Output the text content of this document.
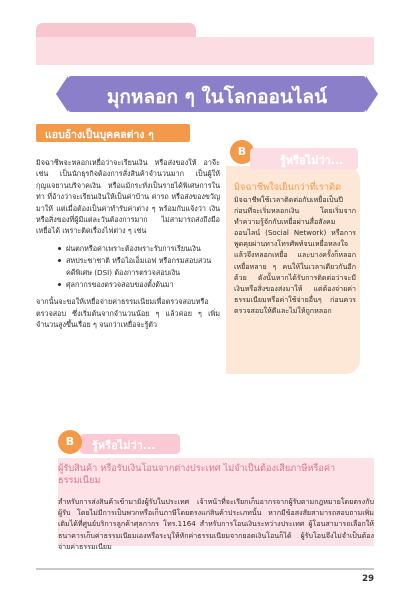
มุกหลอก ๆ ในโลกออนไลน์
แอบอ้างเป็นบุคคลต่าง ๆ

มิจฉาชีพจะหลอกเหยื่อว่าจะเรียนเงิน หรือส่งของให้ อาจีะ เช่น เป็นนักธุรกิจต้องการสั่งสินค้าจำนวนมาก เป็นผู้ให้กุญแจยานบริจาคเงิน หรือแม้กระทั่งเป็นรายได้พิเศษการในท่า ที่อ้างว่าจะเรียนเงินให้เป็นค่าบ้าน ค่ารถ หรือส่งของขวัญมาให้ แต่เมื่อต้องเป็นค่าทำรับค่าต่าง ๆ พร้อมกับแจ้งว่า เงินหรือสิ่งของที่ผู้มีแต่ละวันต้องการมาก ไม่สามารถส่งถึงมือเหยื่อได้ เพราะติดเรื่องไฟต่าง ๆ เช่น

ฝนตกหรือค่าเพราะต้องพราะรับการเรียนเงิน
สหประชาชาติ หรือไอเอ็มเอฟ หรือกรมสอบสวนคดีพิเศษ (DSI) ต้องการตรวจสอบเงิน
ศุลกากรของตรวจสอบของตั้งต้นมา

จากนั้นจะขอให้เหยื่อจ่ายค่าธรรมเนียมเพื่อตรวจสอบหรือตรวจสอบ ซึ่งเริ่มต้นจากจำนวนน้อย ๆ แล้วค่อย ๆ เพิ่มจำนวนสูงขึ้นเรื่อย ๆ จนกว่าเหยื่อจะรู้ตัว

B
รู้หรือไม่ว่า...
มิจฉาชีพใจเย็นกว่าที่เราคิด
มิจฉาชีพใช้เวลาติดต่อกับเหยื่อเป็นปี ก่อนที่จะเริ่มหลอกเงิน โดยเริ่มจากทำความรู้จักกับเหยื่อผ่านสื่อสังคมออนไลน์ (Social Network) หรือการพูดคุยผ่านทางโทรศัพท์จนเหยื่อหลงใจ แล้วจึงหลอกเหยื่อ และบางครั้งก็หลอกเหยื่อหลาย ๆ คนให้ในเวลาเดียวกันอีกด้วย ดังนั้นหากได้รับการติดต่อว่าจะมีเงินหรือสิ่งของส่งมาให้ แต่ต้องจ่ายค่าธรรมเนียมหรือค่าใช้จ่ายอื่นๆ ก่อนควรตรวจสอบให้ดีและไม่ให้ถูกหลอก
รู้หรือไม่ว่า...
B
ผู้รับสินค้า หรือรับเงินโอนจากต่างประเทศ ไม่จำเป็นต้องเสียภาษีหรือค่าธรรมเนียม
สำหรับการส่งสินค้าเข้ามายังผู้รับในประเทศ เจ้าหน้าที่จะเรียกเก็บอากรจากผู้รับตามกฎหมายโดยตรงกับผู้รับ โดยไม่มีการเป็นพวกหรือเก็บภาษีโดยตรงแก่สินค้าประเภทนั้น หากมีข้อสงสัยสามารถสอบถามเพิ่มเติมได้ที่ศูนย์บริการลูกค้าศุลกากร โทร.1164 สำหรับการโอนเงินระหว่างประเทศ ผู้โอนสามารถเลือกให้ธนาคารเก็บค่าธรรมเนียมเองหรือระบุให้หักค่าธรรมเนียมจากยอดเงินโอนก็ได้ ผู้รับโอนจึงไม่จำเป็นต้องจ่ายค่าธรรมเนียม
29
